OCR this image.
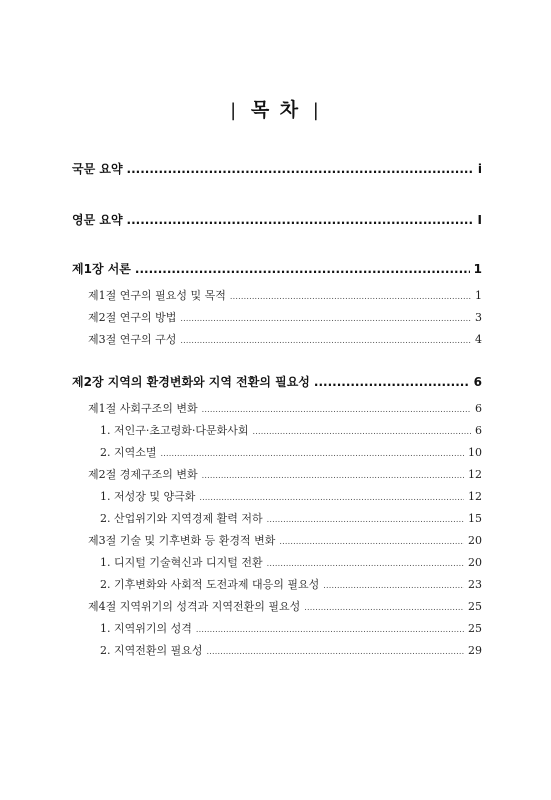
| 목 차 |
국문 요약 .....	i
영문 요약 .....	I
제1장 서론 .....	1
제1절 연구의 필요성 및 목적 .....	1
제2절 연구의 방법 .....	3
제3절 연구의 구성 .....	4
제2장 지역의 환경변화와 지역 전환의 필요성 .....	6
제1절 사회구조의 변화 .....	6
1. 저인구·초고령화·다문화사회 .....	6
2. 지역소멸 .....	10
제2절 경제구조의 변화 .....	12
1. 저성장 및 양극화 .....	12
2. 산업위기와 지역경제 활력 저하 .....	15
제3절 기술 및 기후변화 등 환경적 변화 .....	20
1. 디지털 기술혁신과 디지털 전환 .....	20
2. 기후변화와 사회적 도전과제 대응의 필요성 .....	23
제4절 지역위기의 성격과 지역전환의 필요성 .....	25
1. 지역위기의 성격 .....	25
2. 지역전환의 필요성 .....	29
